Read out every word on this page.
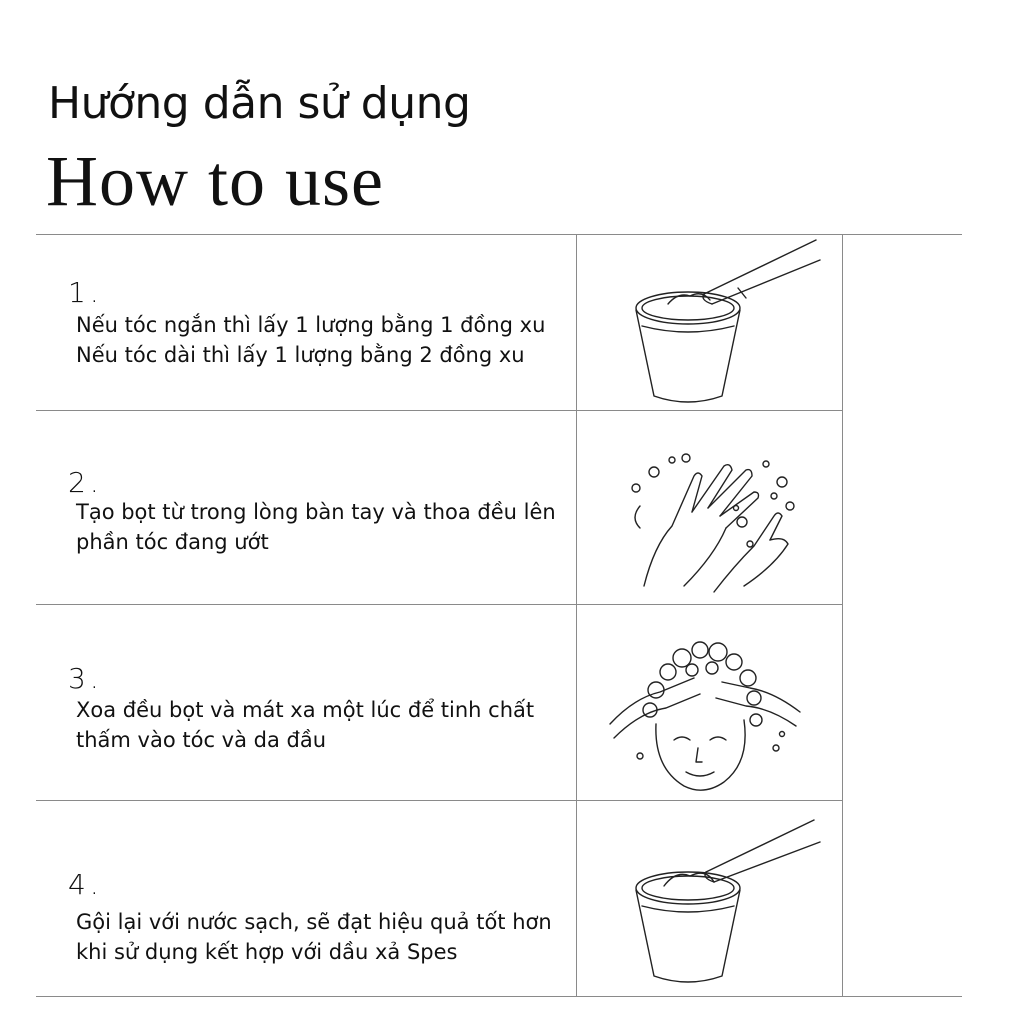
Hướng dẫn sử dụng
How to use
1.
Nếu tóc ngắn thì lấy 1 lượng bằng 1 đồng xu
Nếu tóc dài thì lấy 1 lượng bằng 2 đồng xu
2.
Tạo bọt từ trong lòng bàn tay và thoa đều lên
phần tóc đang ướt
3.
Xoa đều bọt và mát xa một lúc để tinh chất
thấm vào tóc và da đầu
4.
Gội lại với nước sạch, sẽ đạt hiệu quả tốt hơn
khi sử dụng kết hợp với dầu xả Spes
